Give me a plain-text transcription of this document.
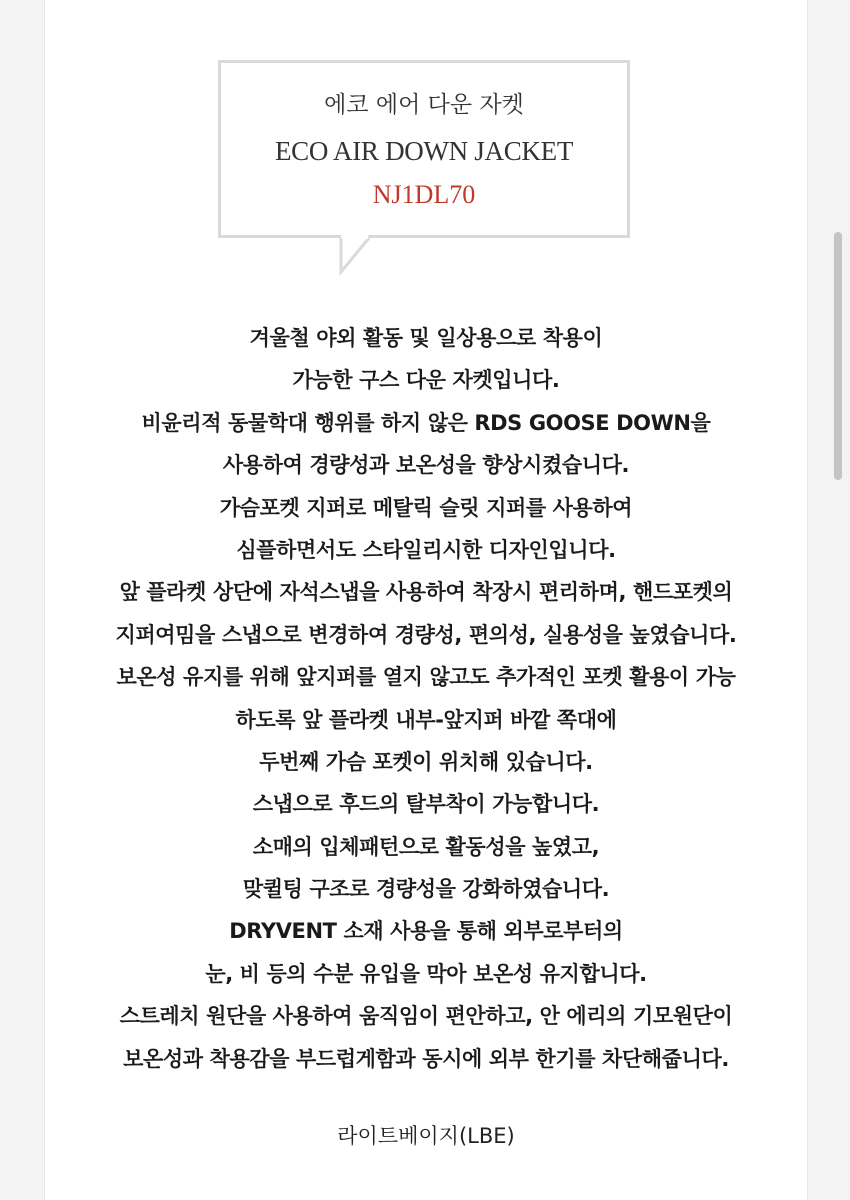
에코 에어 다운 자켓
ECO AIR DOWN JACKET
NJ1DL70
겨울철 야외 활동 및 일상용으로 착용이
가능한 구스 다운 자켓입니다.
비윤리적 동물학대 행위를 하지 않은 RDS GOOSE DOWN을
사용하여 경량성과 보온성을 향상시켰습니다.
가슴포켓 지퍼로 메탈릭 슬릿 지퍼를 사용하여
심플하면서도 스타일리시한 디자인입니다.
앞 플라켓 상단에 자석스냅을 사용하여 착장시 편리하며, 핸드포켓의
지퍼여밈을 스냅으로 변경하여 경량성, 편의성, 실용성을 높였습니다.
보온성 유지를 위해 앞지퍼를 열지 않고도 추가적인 포켓 활용이 가능
하도록 앞 플라켓 내부-앞지퍼 바깥 쪽대에
두번째 가슴 포켓이 위치해 있습니다.
스냅으로 후드의 탈부착이 가능합니다.
소매의 입체패턴으로 활동성을 높였고,
맞퀼팅 구조로 경량성을 강화하였습니다.
DRYVENT 소재 사용을 통해 외부로부터의
눈, 비 등의 수분 유입을 막아 보온성 유지합니다.
스트레치 원단을 사용하여 움직임이 편안하고, 안 에리의 기모원단이
보온성과 착용감을 부드럽게함과 동시에 외부 한기를 차단해줍니다.
라이트베이지(LBE)
